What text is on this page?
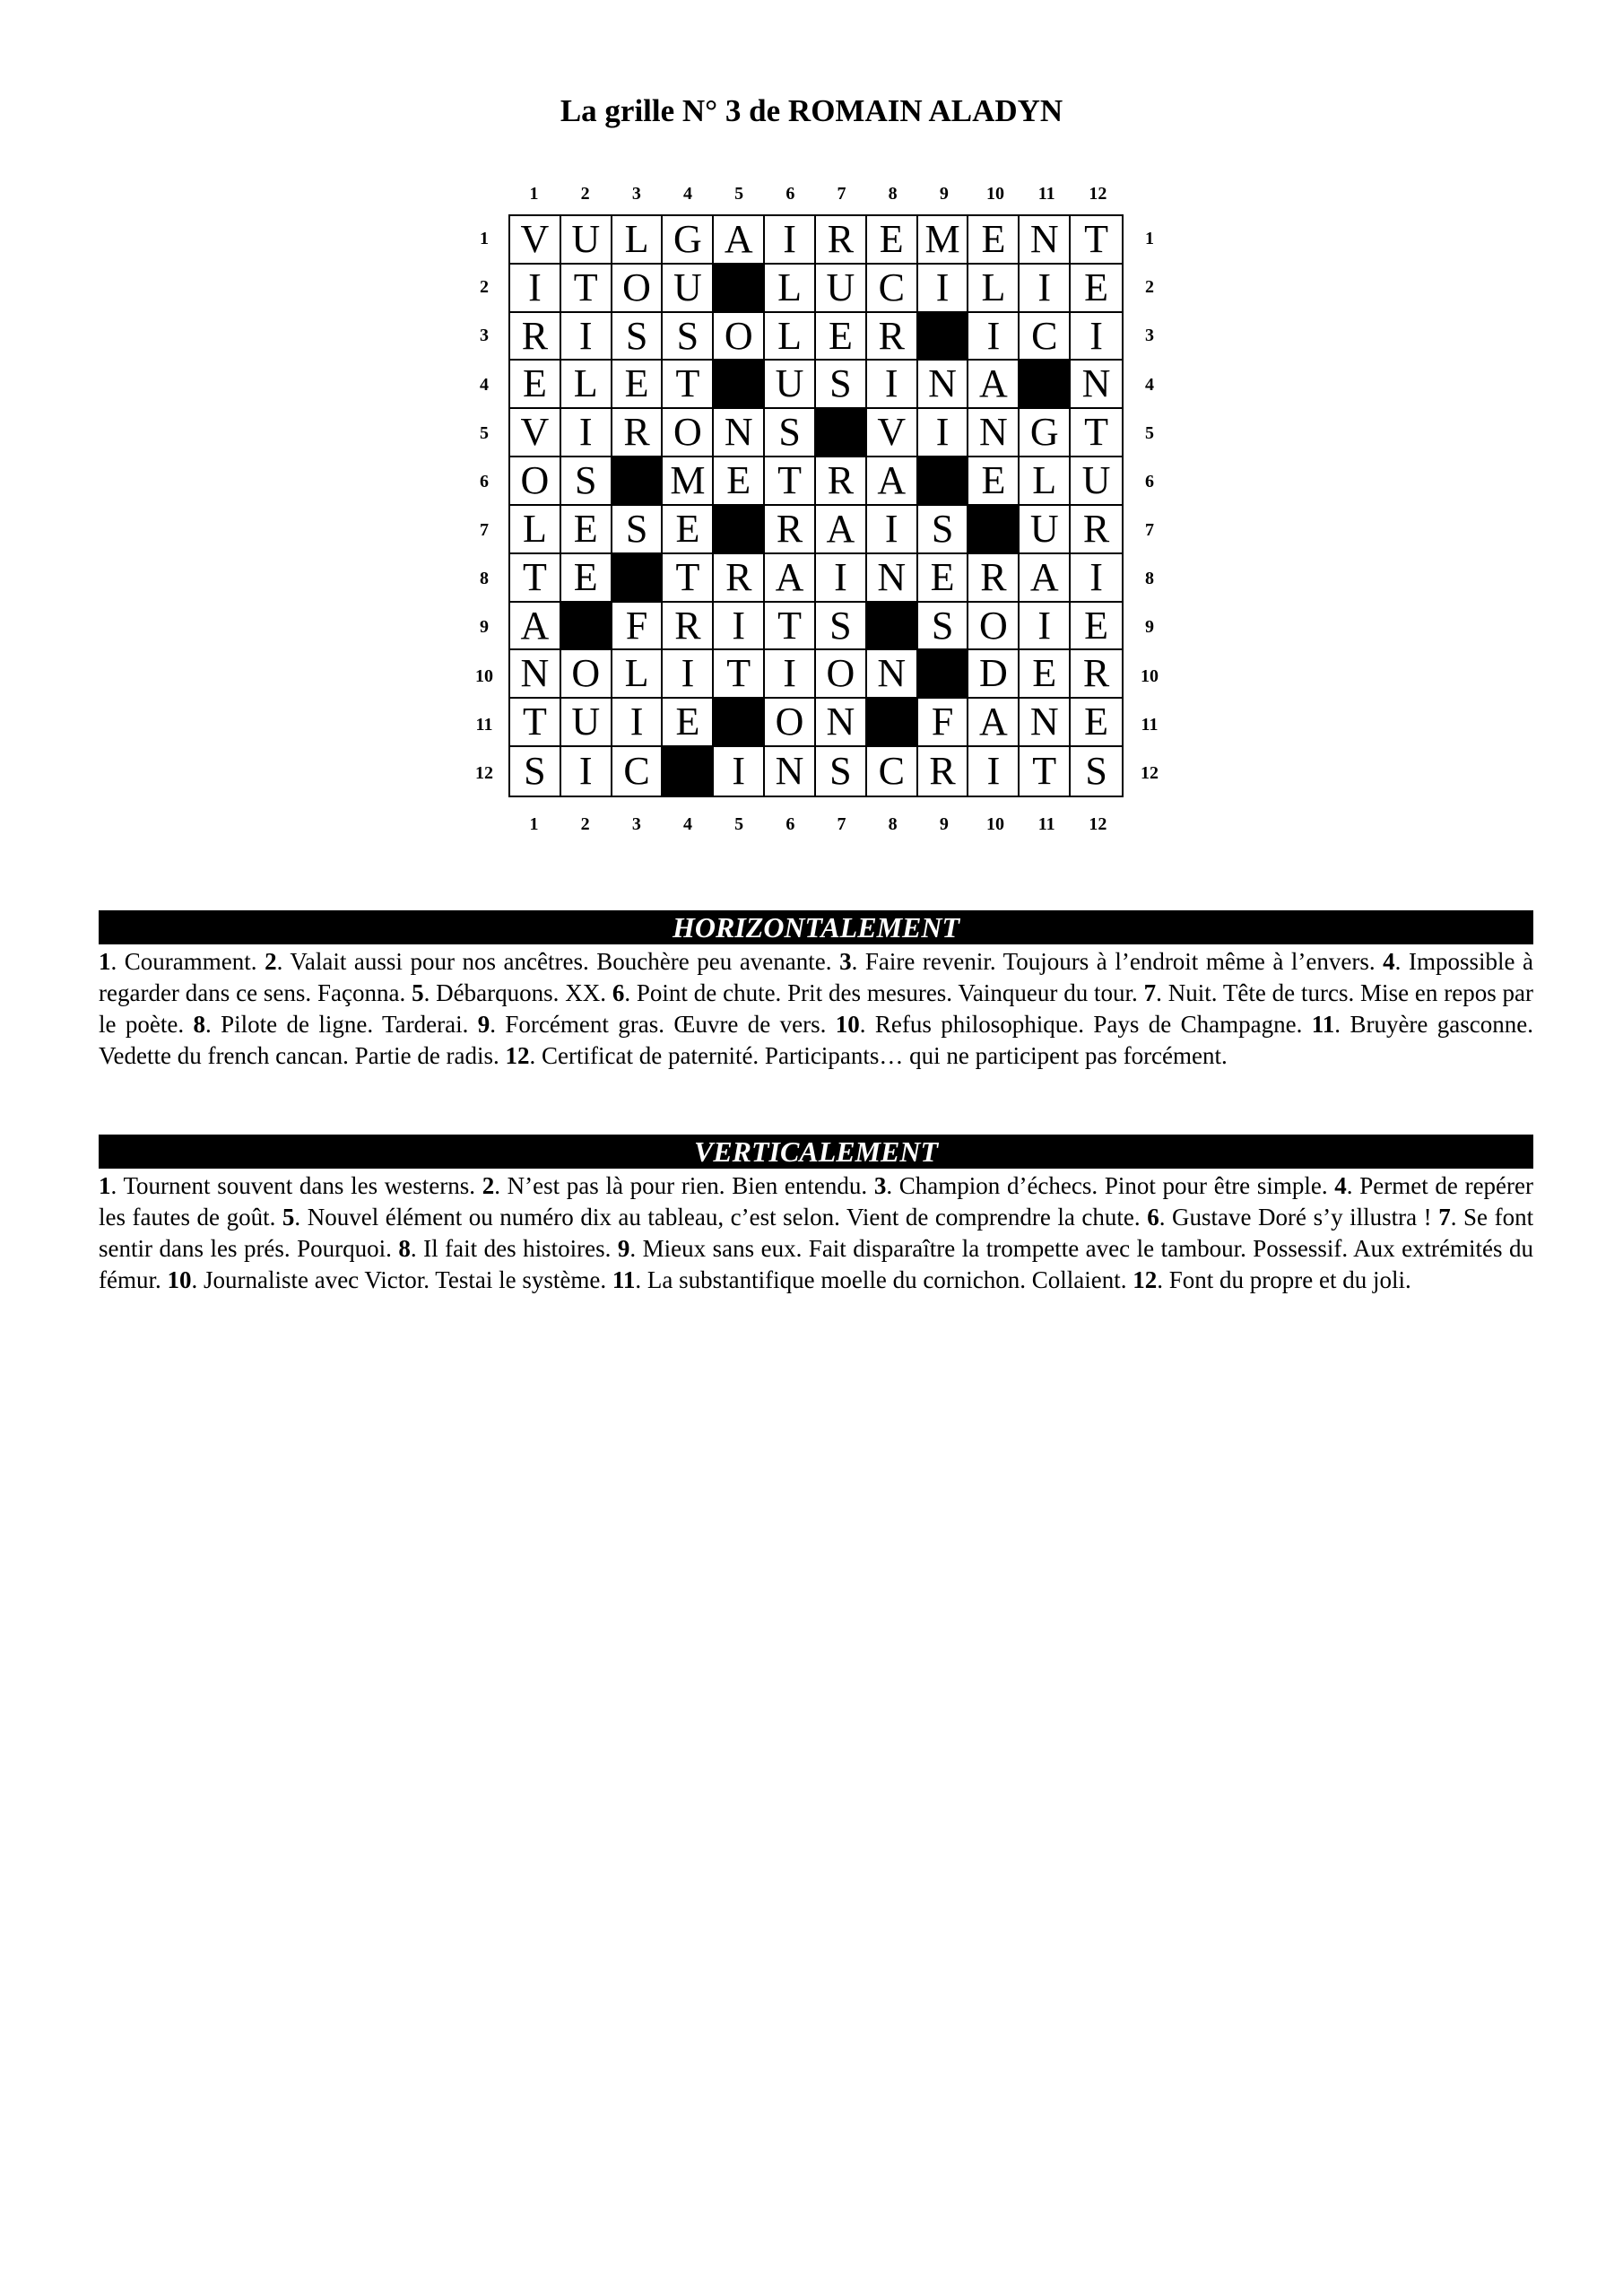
La grille N° 3 de ROMAIN ALADYN
1	2	3	4	5	6	7	8	9	10	11	12
1	2	3	4	5	6	7	8	9	10	11	12
1
2
3
4
5
6
7
8
9
10
11
12
1
2
3
4
5
6
7
8
9
10
11
12
V U L G A I R E M E N T
I T O U	L U C I L I E
R I S S O L E R	I C I
E L E T	U S I N A	N
V I R O N S	V I N G T
O S	M E T R A	E L U
L E S E	R A I S	U R
T E	T R A I N E R A I
A	F R I T S	S O I E
N O L I T I O N	D E R
T U I E	O N	F A N E
S I C	I N S C R I T S
HORIZONTALEMENT
1. Couramment. 2. Valait aussi pour nos ancêtres. Bouchère peu avenante. 3. Faire revenir. Toujours à l’endroit même à l’envers. 4. Impossible à regarder dans ce sens. Façonna. 5. Débarquons. XX. 6. Point de chute. Prit des mesures. Vainqueur du tour. 7. Nuit. Tête de turcs. Mise en repos par le poète. 8. Pilote de ligne. Tarderai. 9. Forcément gras. Œuvre de vers. 10. Refus philosophique. Pays de Champagne. 11. Bruyère gasconne. Vedette du french cancan. Partie de radis. 12. Certificat de paternité. Participants… qui ne participent pas forcément.
VERTICALEMENT
1. Tournent souvent dans les westerns. 2. N’est pas là pour rien. Bien entendu. 3. Champion d’échecs. Pinot pour être simple. 4. Permet de repérer les fautes de goût. 5. Nouvel élément ou numéro dix au tableau, c’est selon. Vient de comprendre la chute. 6. Gustave Doré s’y illustra ! 7. Se font sentir dans les prés. Pourquoi. 8. Il fait des histoires. 9. Mieux sans eux. Fait disparaître la trompette avec le tambour. Possessif. Aux extrémités du fémur. 10. Journaliste avec Victor. Testai le système. 11. La substantifique moelle du cornichon. Collaient. 12. Font du propre et du joli.
